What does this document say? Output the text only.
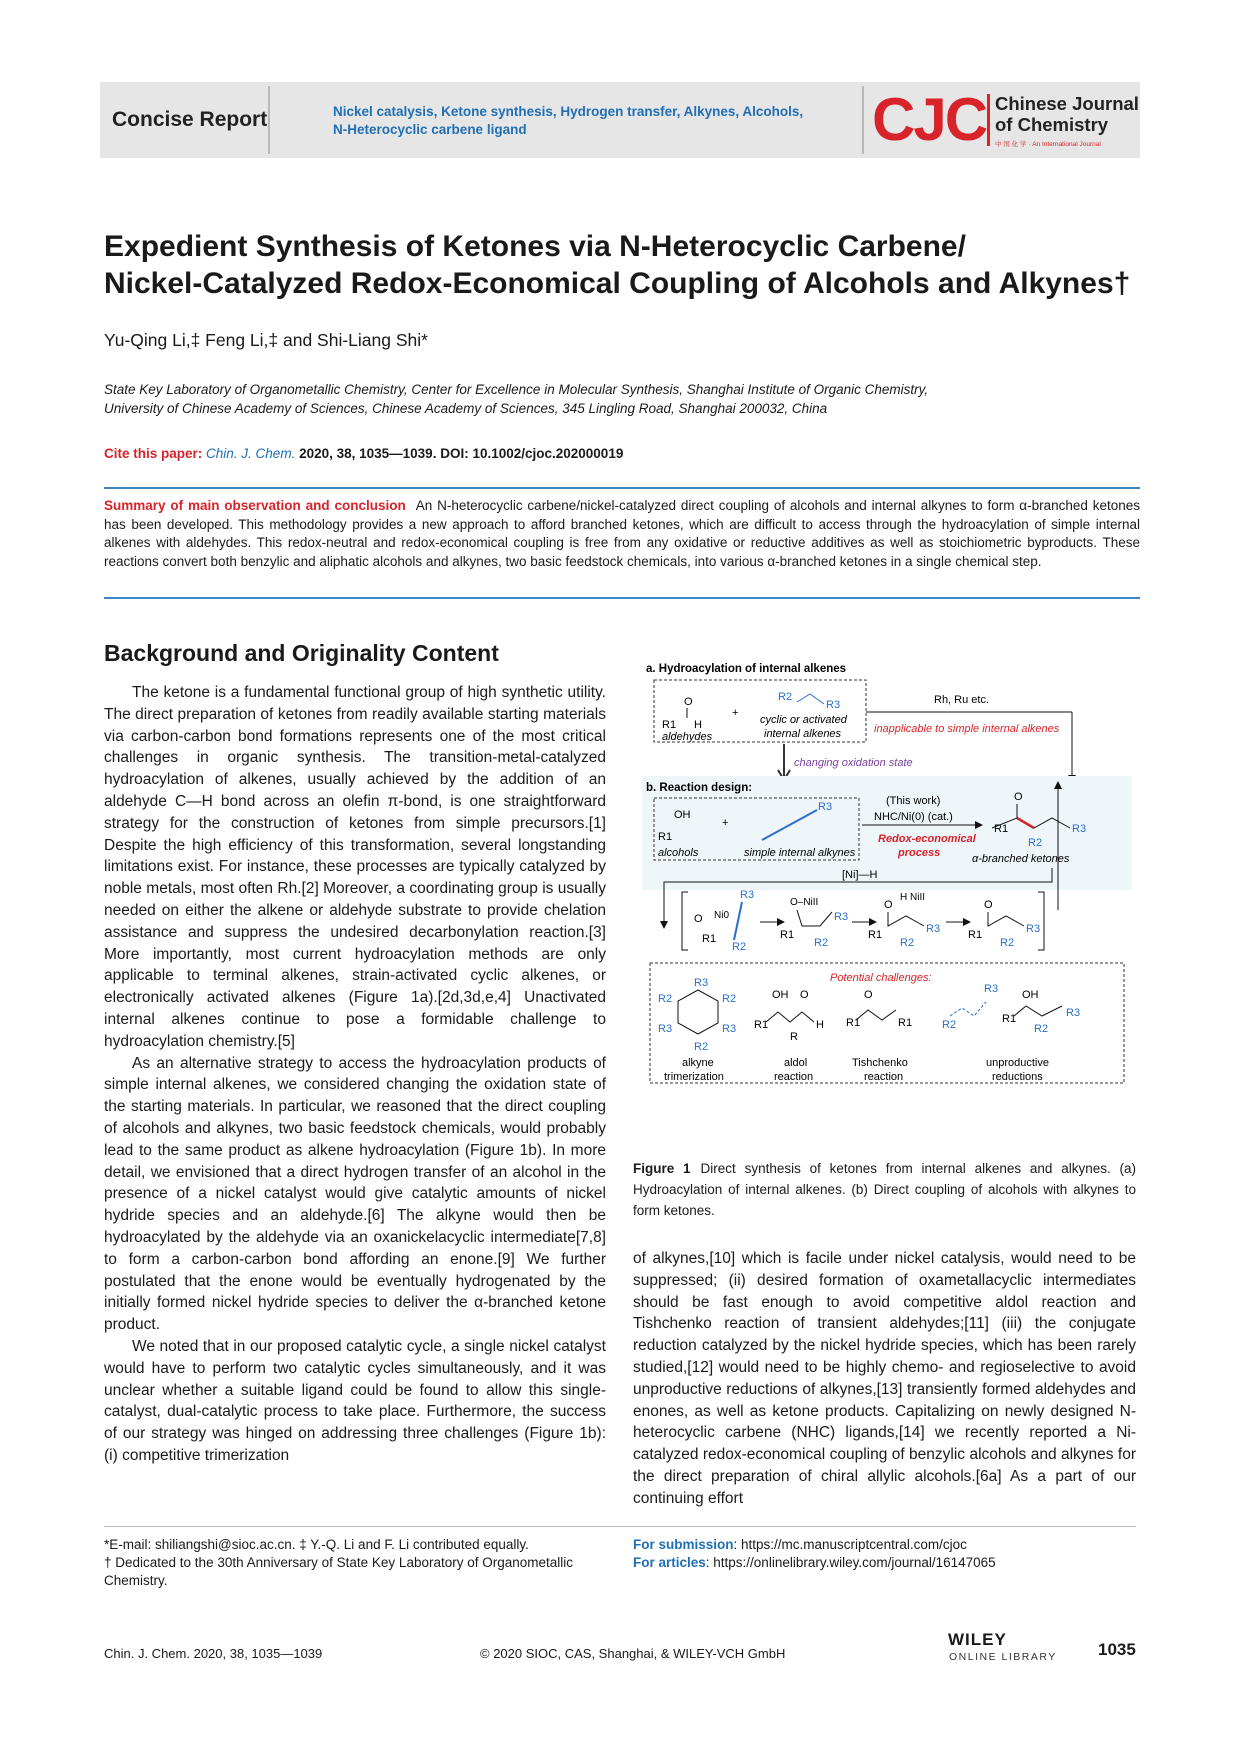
Concise Report	Nickel catalysis, Ketone synthesis, Hydrogen transfer, Alkynes, Alcohols,
N-Heterocyclic carbene ligand	CJC Chinese Journal
of Chemistry
中 国 化 学 · An International Journal
Expedient Synthesis of Ketones via N-Heterocyclic Carbene/
Nickel-Catalyzed Redox-Economical Coupling of Alcohols and Alkynes†
Yu-Qing Li,‡ Feng Li,‡ and Shi-Liang Shi*
State Key Laboratory of Organometallic Chemistry, Center for Excellence in Molecular Synthesis, Shanghai Institute of Organic Chemistry,
University of Chinese Academy of Sciences, Chinese Academy of Sciences, 345 Lingling Road, Shanghai 200032, China
Cite this paper: Chin. J. Chem. 2020, 38, 1035—1039. DOI: 10.1002/cjoc.202000019
Summary of main observation and conclusion An N-heterocyclic carbene/nickel-catalyzed direct coupling of alcohols and internal alkynes to form α-branched ketones has been developed. This methodology provides a new approach to afford branched ketones, which are difficult to access through the hydroacylation of simple internal alkenes with aldehydes. This redox-neutral and redox-economical coupling is free from any oxidative or reductive additives as well as stoichiometric byproducts. These reactions convert both benzylic and aliphatic alcohols and alkynes, two basic feedstock chemicals, into various α-branched ketones in a single chemical step.
Background and Originality Content

The ketone is a fundamental functional group of high synthetic utility. The direct preparation of ketones from readily available starting materials via carbon-carbon bond formations represents one of the most critical challenges in organic synthesis. The transition-metal-catalyzed hydroacylation of alkenes, usually achieved by the addition of an aldehyde C—H bond across an olefin π-bond, is one straightforward strategy for the construction of ketones from simple precursors.[1] Despite the high efficiency of this transformation, several longstanding limitations exist. For instance, these processes are typically catalyzed by noble metals, most often Rh.[2] Moreover, a coordinating group is usually needed on either the alkene or aldehyde substrate to provide chelation assistance and suppress the undesired decarbonylation reaction.[3] More importantly, most current hydroacylation methods are only applicable to terminal alkenes, strain-activated cyclic alkenes, or electronically activated alkenes (Figure 1a).[2d,3d,e,4] Unactivated internal alkenes continue to pose a formidable challenge to hydroacylation chemistry.[5]

As an alternative strategy to access the hydroacylation products of simple internal alkenes, we considered changing the oxidation state of the starting materials. In particular, we reasoned that the direct coupling of alcohols and alkynes, two basic feedstock chemicals, would probably lead to the same product as alkene hydroacylation (Figure 1b). In more detail, we envisioned that a direct hydrogen transfer of an alcohol in the presence of a nickel catalyst would give catalytic amounts of nickel hydride species and an aldehyde.[6] The alkyne would then be hydroacylated by the aldehyde via an oxanickelacyclic intermediate[7,8] to form a carbon-carbon bond affording an enone.[9] We further postulated that the enone would be eventually hydrogenated by the initially formed nickel hydride species to deliver the α-branched ketone product.

We noted that in our proposed catalytic cycle, a single nickel catalyst would have to perform two catalytic cycles simultaneously, and it was unclear whether a suitable ligand could be found to allow this single-catalyst, dual-catalytic process to take place. Furthermore, the success of our strategy was hinged on addressing three challenges (Figure 1b): (i) competitive trimerization

a. Hydroacylation of internal alkenes
O
R1 H
aldehydes
+
R2
R3
cyclic or activated
internal alkenes
Rh, Ru etc.
inapplicable to simple internal alkenes
changing oxidation state
b. Reaction design:
OH
R1
alcohols
+
R3
simple internal alkynes
(This work)
NHC/Ni(0) (cat.)
Redox-economical
process
O
R1	R3
R2
α-branched ketones
[Ni]—H
O Ni0
R1
R3
R2
O–NiII
R1
R3
R2
O
H NiII
R1	R3
R2
O
R1	R3
R2
Potential challenges:
R3
R2	R2
R3	R3
R2
OH O
R1	H
R
O
R1	R1
R3
R2
OH
R1	R3
R2
alkyne
trimerization
aldol
reaction
Tishchenko
reaction
unproductive
reductions
Figure 1 Direct synthesis of ketones from internal alkenes and alkynes. (a) Hydroacylation of internal alkenes. (b) Direct coupling of alcohols with alkynes to form ketones.

of alkynes,[10] which is facile under nickel catalysis, would need to be suppressed; (ii) desired formation of oxametallacyclic intermediates should be fast enough to avoid competitive aldol reaction and Tishchenko reaction of transient aldehydes;[11] (iii) the conjugate reduction catalyzed by the nickel hydride species, which has been rarely studied,[12] would need to be highly chemo- and regioselective to avoid unproductive reductions of alkynes,[13] transiently formed aldehydes and enones, as well as ketone products. Capitalizing on newly designed N-heterocyclic carbene (NHC) ligands,[14] we recently reported a Ni-catalyzed redox-economical coupling of benzylic alcohols and alkynes for the direct preparation of chiral allylic alcohols.[6a] As a part of our continuing effort

*E-mail: shiliangshi@sioc.ac.cn. ‡ Y.-Q. Li and F. Li contributed equally.
† Dedicated to the 30th Anniversary of State Key Laboratory of Organometallic Chemistry.
For submission: https://mc.manuscriptcentral.com/cjoc
For articles: https://onlinelibrary.wiley.com/journal/16147065
Chin. J. Chem. 2020, 38, 1035—1039	© 2020 SIOC, CAS, Shanghai, & WILEY-VCH GmbH
WILEY
ONLINE LIBRARY 1035
